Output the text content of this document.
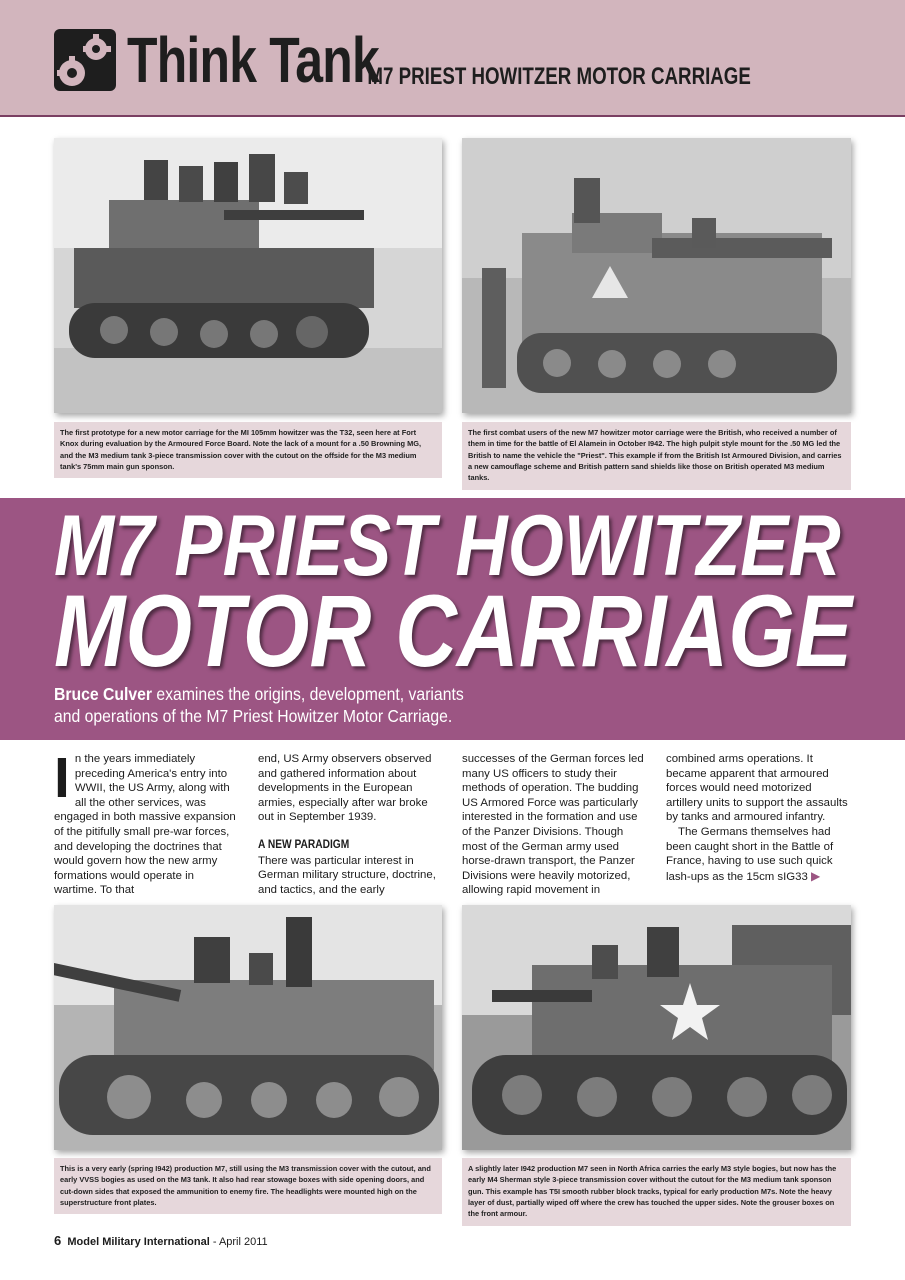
Think Tank
- M7 PRIEST HOWITZER MOTOR CARRIAGE
The first prototype for a new motor carriage for the MI 105mm howitzer was the T32, seen here at Fort Knox during evaluation by the Armoured Force Board. Note the lack of a mount for a .50 Browning MG, and the M3 medium tank 3-piece transmission cover with the cutout on the offside for the M3 medium tank's 75mm main gun sponson.
The first combat users of the new M7 howitzer motor carriage were the British, who received a number of them in time for the battle of El Alamein in October I942. The high pulpit style mount for the .50 MG led the British to name the vehicle the "Priest". This example if from the British Ist Armoured Division, and carries a new camouflage scheme and British pattern sand shields like those on British operated M3 medium tanks.
M7 PRIEST HOWITZER
MOTOR CARRIAGE
Bruce Culver examines the origins, development, variants and operations of the M7 Priest Howitzer Motor Carriage.
I n the years immediately preceding America's entry into WWII, the US Army, along with all the other services, was engaged in both massive expansion of the pitifully small pre-war forces, and developing the doctrines that would govern how the new army formations would operate in wartime. To that

end, US Army observers observed and gathered information about developments in the European armies, especially after war broke out in September 1939.

A NEW PARADIGM

There was particular interest in German military structure, doctrine, and tactics, and the early

successes of the German forces led many US officers to study their methods of operation. The budding US Armored Force was particularly interested in the formation and use of the Panzer Divisions. Though most of the German army used horse-drawn transport, the Panzer Divisions were heavily motorized, allowing rapid movement in

combined arms operations. It became apparent that armoured forces would need motorized artillery units to support the assaults by tanks and armoured infantry.

The Germans themselves had been caught short in the Battle of France, having to use such quick lash-ups as the 15cm sIG33 ▶

This is a very early (spring I942) production M7, still using the M3 transmission cover with the cutout, and early VVSS bogies as used on the M3 tank. It also had rear stowage boxes with side opening doors, and cut-down sides that exposed the ammunition to enemy fire. The headlights were mounted high on the superstructure front plates.
A slightly later I942 production M7 seen in North Africa carries the early M3 style bogies, but now has the early M4 Sherman style 3-piece transmission cover without the cutout for the M3 medium tank sponson gun. This example has T5I smooth rubber block tracks, typical for early production M7s. Note the heavy layer of dust, partially wiped off where the crew has touched the upper sides. Note the grouser boxes on the front armour.
6 Model Military International - April 2011
